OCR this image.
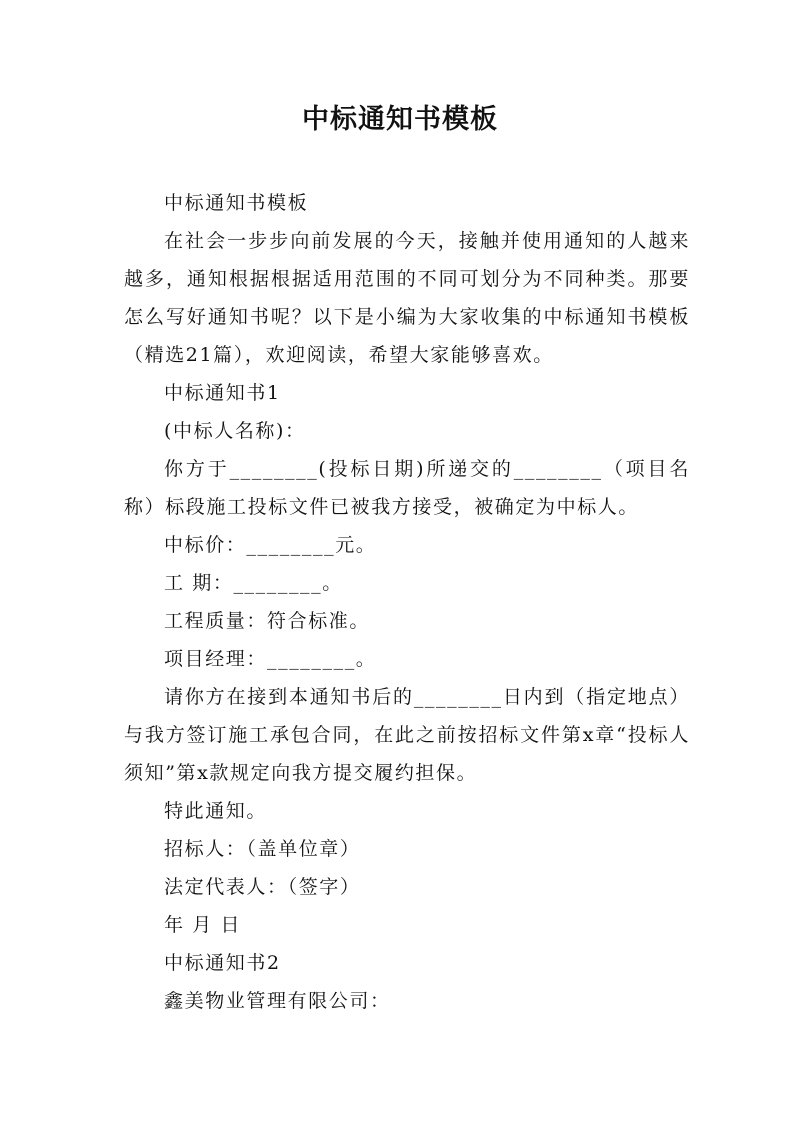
中标通知书模板

中标通知书模板

在社会一步步向前发展的今天，接触并使用通知的人越来越多，通知根据根据适用范围的不同可划分为不同种类。那要怎么写好通知书呢？以下是小编为大家收集的中标通知书模板（精选21篇），欢迎阅读，希望大家能够喜欢。

中标通知书1

(中标人名称)：

你方于________(投标日期)所递交的________（项目名称）标段施工投标文件已被我方接受，被确定为中标人。

中标价：________元。

工 期：________。

工程质量：符合标准。

项目经理：________。

请你方在接到本通知书后的________日内到（指定地点）与我方签订施工承包合同，在此之前按招标文件第x章“投标人须知”第x款规定向我方提交履约担保。

特此通知。

招标人：（盖单位章）

法定代表人：（签字）

年 月 日

中标通知书2

鑫美物业管理有限公司：
